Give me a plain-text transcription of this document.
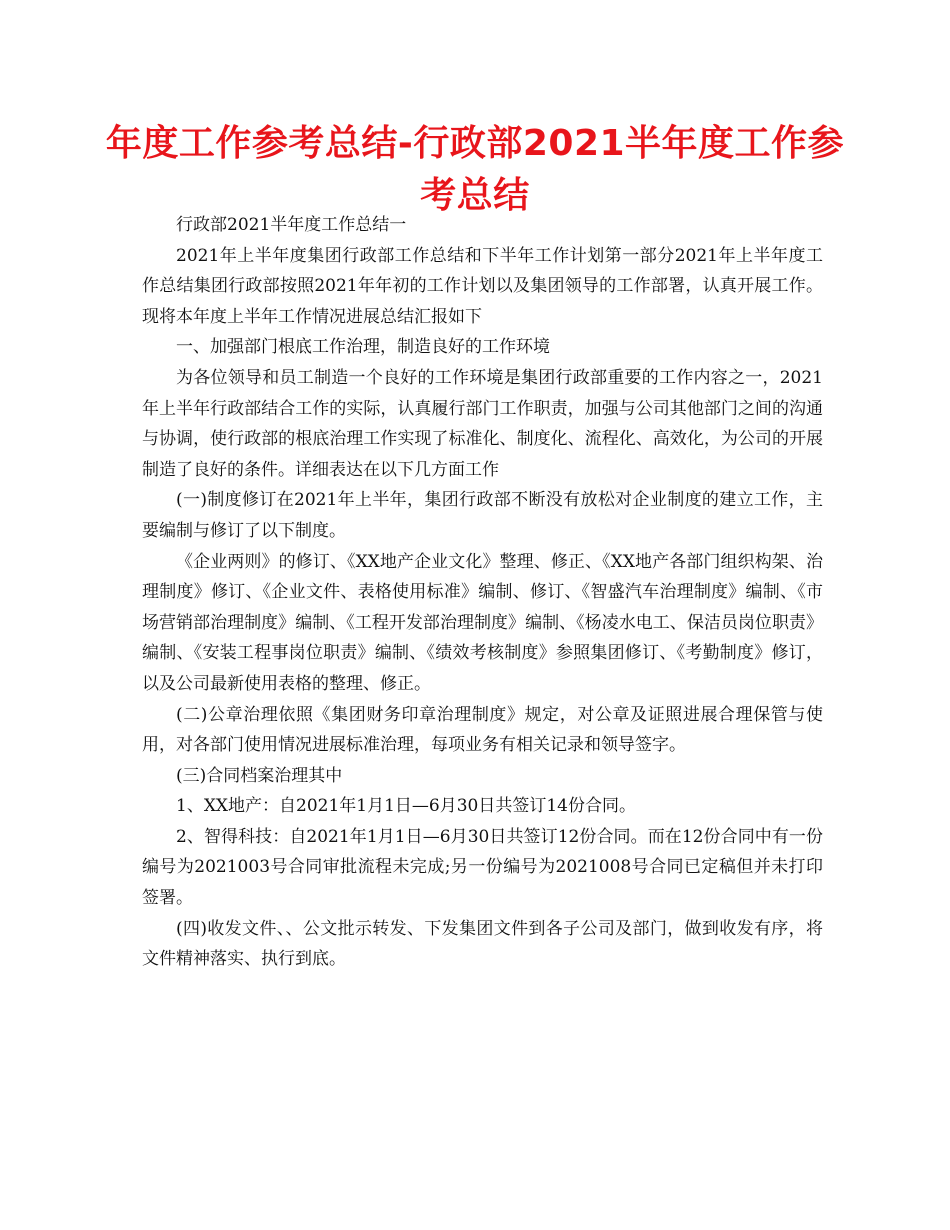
年度工作参考总结-行政部2021半年度工作参考总结

行政部2021半年度工作总结一

2021年上半年度集团行政部工作总结和下半年工作计划第一部分2021年上半年度工作总结集团行政部按照2021年年初的工作计划以及集团领导的工作部署，认真开展工作。现将本年度上半年工作情况进展总结汇报如下

一、加强部门根底工作治理，制造良好的工作环境

为各位领导和员工制造一个良好的工作环境是集团行政部重要的工作内容之一，2021年上半年行政部结合工作的实际，认真履行部门工作职责，加强与公司其他部门之间的沟通与协调，使行政部的根底治理工作实现了标准化、制度化、流程化、高效化，为公司的开展制造了良好的条件。详细表达在以下几方面工作

(一)制度修订在2021年上半年，集团行政部不断没有放松对企业制度的建立工作，主要编制与修订了以下制度。

《企业两则》的修订、《XX地产企业文化》整理、修正、《XX地产各部门组织构架、治理制度》修订、《企业文件、表格使用标准》编制、修订、《智盛汽车治理制度》编制、《市场营销部治理制度》编制、《工程开发部治理制度》编制、《杨凌水电工、保洁员岗位职责》编制、《安装工程事岗位职责》编制、《绩效考核制度》参照集团修订、《考勤制度》修订，以及公司最新使用表格的整理、修正。

(二)公章治理依照《集团财务印章治理制度》规定，对公章及证照进展合理保管与使用，对各部门使用情况进展标准治理，每项业务有相关记录和领导签字。

(三)合同档案治理其中

1、XX地产：自2021年1月1日—6月30日共签订14份合同。

2、智得科技：自2021年1月1日—6月30日共签订12份合同。而在12份合同中有一份编号为2021003号合同审批流程未完成;另一份编号为2021008号合同已定稿但并未打印签署。

(四)收发文件、、公文批示转发、下发集团文件到各子公司及部门，做到收发有序，将文件精神落实、执行到底。
